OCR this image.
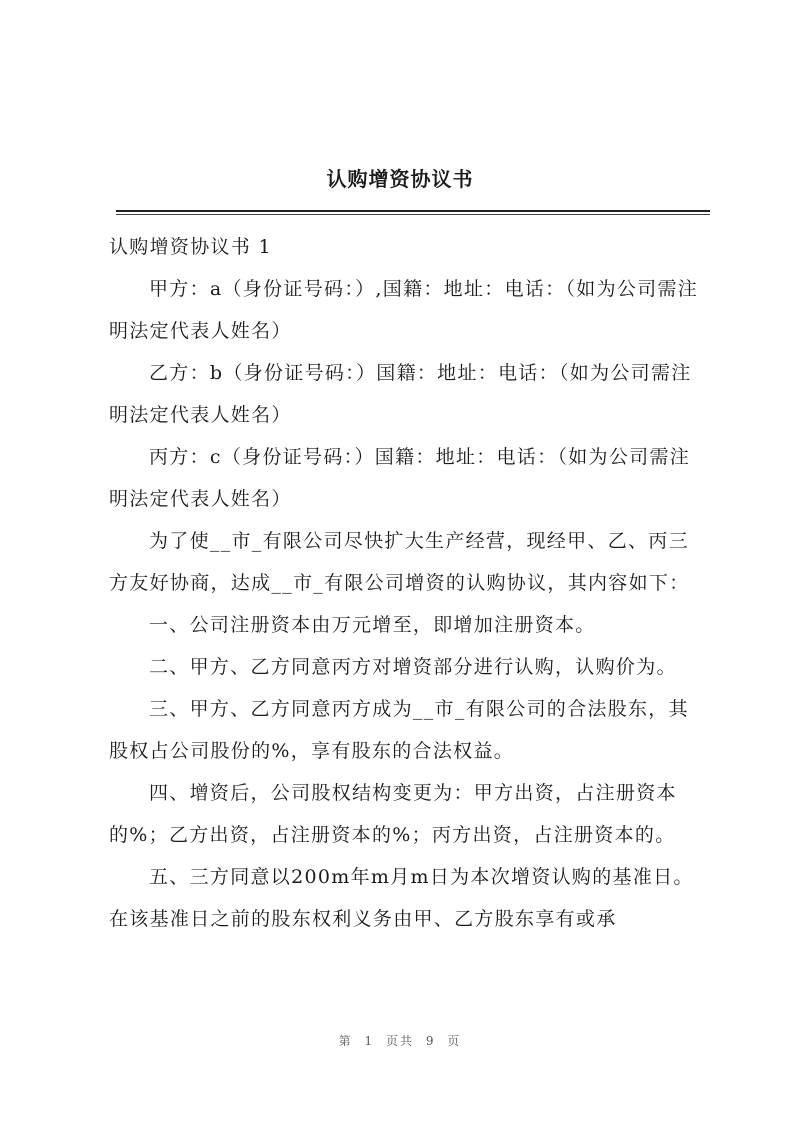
认购增资协议书

认购增资协议书 1

甲方：a（身份证号码：）,国籍：地址：电话：（如为公司需注明法定代表人姓名）

乙方：b（身份证号码：）国籍：地址：电话：（如为公司需注明法定代表人姓名）

丙方：c（身份证号码：）国籍：地址：电话：（如为公司需注明法定代表人姓名）

为了使__市_有限公司尽快扩大生产经营，现经甲、乙、丙三方友好协商，达成__市_有限公司增资的认购协议，其内容如下：

一、公司注册资本由万元增至，即增加注册资本。

二、甲方、乙方同意丙方对增资部分进行认购，认购价为。

三、甲方、乙方同意丙方成为__市_有限公司的合法股东，其股权占公司股份的%，享有股东的合法权益。

四、增资后，公司股权结构变更为：甲方出资，占注册资本的%；乙方出资，占注册资本的%；丙方出资，占注册资本的。

五、三方同意以200m年m月m日为本次增资认购的基准日。在该基准日之前的股东权利义务由甲、乙方股东享有或承

第 1 页共 9 页
